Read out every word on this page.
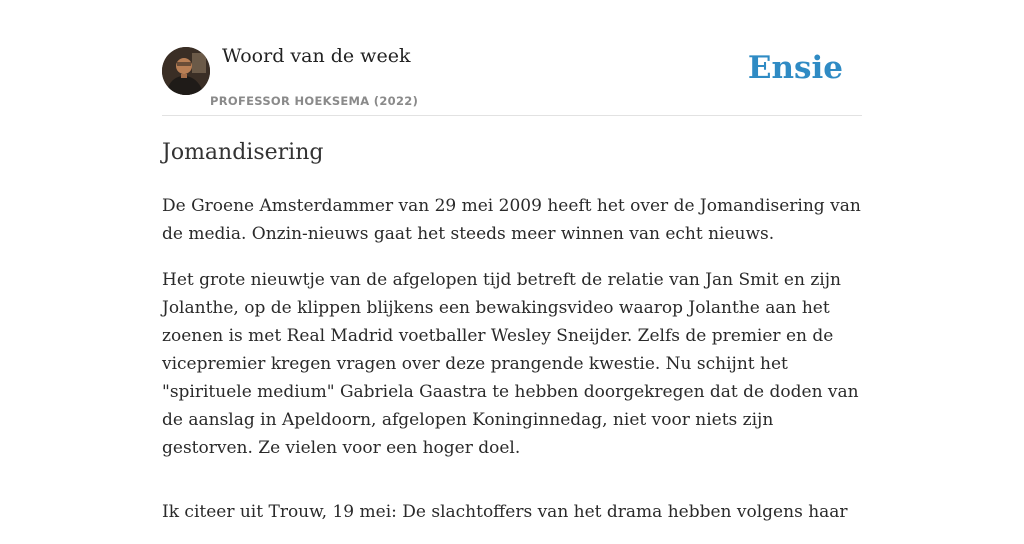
Woord van de week
PROFESSOR HOEKSEMA (2022)
Ensie
Jomandisering

De Groene Amsterdammer van 29 mei 2009 heeft het over de Jomandisering van de media. Onzin-nieuws gaat het steeds meer winnen van echt nieuws.

Het grote nieuwtje van de afgelopen tijd betreft de relatie van Jan Smit en zijn Jolanthe, op de klippen blijkens een bewakingsvideo waarop Jolanthe aan het zoenen is met Real Madrid voetballer Wesley Sneijder. Zelfs de premier en de vicepremier kregen vragen over deze prangende kwestie. Nu schijnt het "spirituele medium" Gabriela Gaastra te hebben doorgekregen dat de doden van de aanslag in Apeldoorn, afgelopen Koninginnedag, niet voor niets zijn gestorven. Ze vielen voor een hoger doel.

Ik citeer uit Trouw, 19 mei: De slachtoffers van het drama hebben volgens haar
